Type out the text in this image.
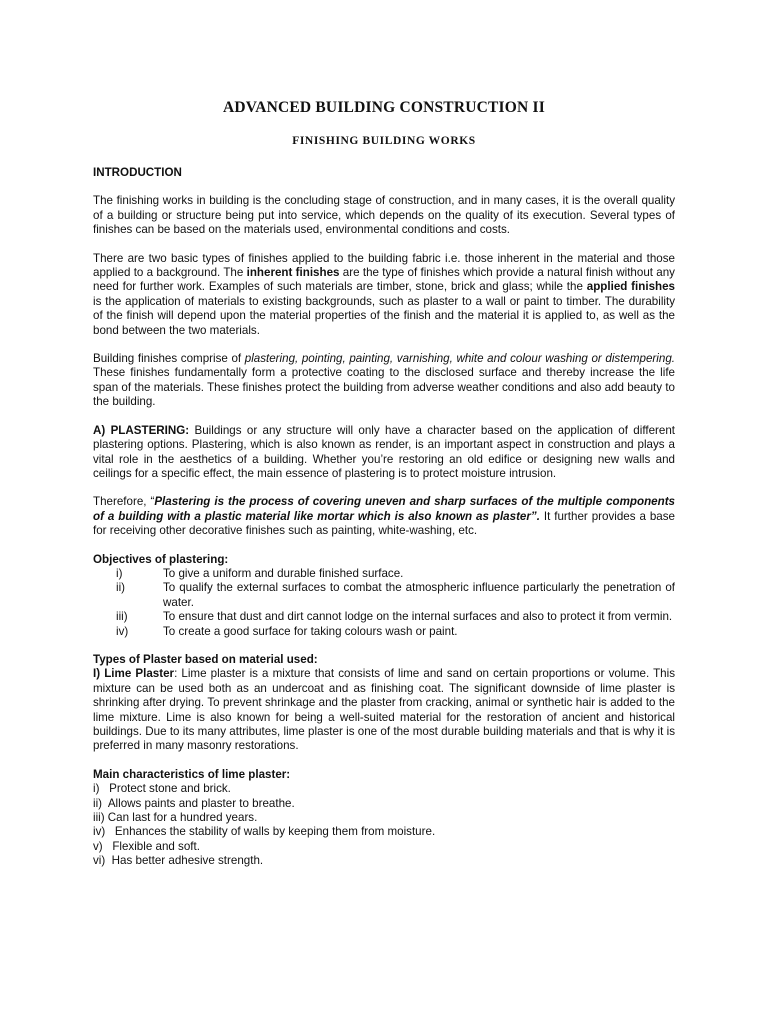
ADVANCED BUILDING CONSTRUCTION II
FINISHING BUILDING WORKS

INTRODUCTION

The finishing works in building is the concluding stage of construction, and in many cases, it is the overall quality of a building or structure being put into service, which depends on the quality of its execution. Several types of finishes can be based on the materials used, environmental conditions and costs.

There are two basic types of finishes applied to the building fabric i.e. those inherent in the material and those applied to a background. The inherent finishes are the type of finishes which provide a natural finish without any need for further work. Examples of such materials are timber, stone, brick and glass; while the applied finishes is the application of materials to existing backgrounds, such as plaster to a wall or paint to timber. The durability of the finish will depend upon the material properties of the finish and the material it is applied to, as well as the bond between the two materials.

Building finishes comprise of plastering, pointing, painting, varnishing, white and colour washing or distempering. These finishes fundamentally form a protective coating to the disclosed surface and thereby increase the life span of the materials. These finishes protect the building from adverse weather conditions and also add beauty to the building.

A) PLASTERING: Buildings or any structure will only have a character based on the application of different plastering options. Plastering, which is also known as render, is an important aspect in construction and plays a vital role in the aesthetics of a building. Whether you’re restoring an old edifice or designing new walls and ceilings for a specific effect, the main essence of plastering is to protect moisture intrusion.

Therefore, “Plastering is the process of covering uneven and sharp surfaces of the multiple components of a building with a plastic material like mortar which is also known as plaster”. It further provides a base for receiving other decorative finishes such as painting, white-washing, etc.

Objectives of plastering:

i)	To give a uniform and durable finished surface.
ii)	To qualify the external surfaces to combat the atmospheric influence particularly the penetration of water.
iii)	To ensure that dust and dirt cannot lodge on the internal surfaces and also to protect it from vermin.
iv)	To create a good surface for taking colours wash or paint.

Types of Plaster based on material used:

I) Lime Plaster: Lime plaster is a mixture that consists of lime and sand on certain proportions or volume. This mixture can be used both as an undercoat and as finishing coat. The significant downside of lime plaster is shrinking after drying. To prevent shrinkage and the plaster from cracking, animal or synthetic hair is added to the lime mixture. Lime is also known for being a well-suited material for the restoration of ancient and historical buildings. Due to its many attributes, lime plaster is one of the most durable building materials and that is why it is preferred in many masonry restorations.

Main characteristics of lime plaster:

i)   Protect stone and brick.
ii)  Allows paints and plaster to breathe.
iii) Can last for a hundred years.
iv)   Enhances the stability of walls by keeping them from moisture.
v)   Flexible and soft.
vi)  Has better adhesive strength.
